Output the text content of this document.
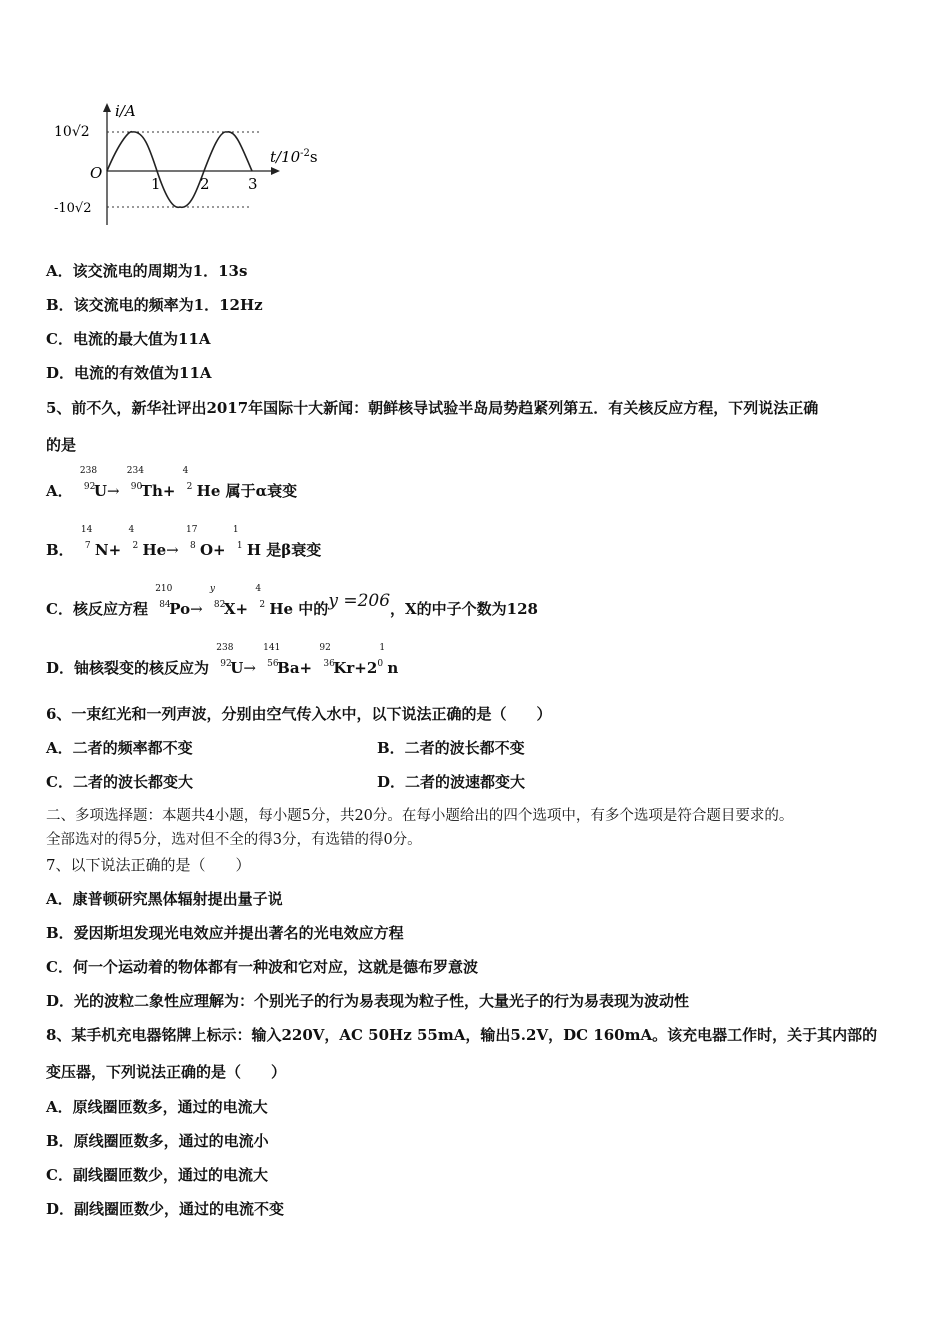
i/A
10√2
-10√2
O
1	2	3
$t/10^{-2}s$
A．该交流电的周期为1．13s
B．该交流电的频率为1．12Hz
C．电流的最大值为11A
D．电流的有效值为11A
5、前不久，新华社评出2017年国际十大新闻：朝鲜核导试验半岛局势趋紧列第五．有关核反应方程，下列说法正确
的是
A．
238
92
U→
234
90
Th+
4
2 He 属于α衰变
B．
14
7 N+
4
2 He→
17
8 O+
1
1 H 是β衰变
C．核反应方程
210
84
Po→
y
82
X+
4
2 He 中的y =206，X的中子个数为128
D．铀核裂变的核反应为
238
92
U→
141
56
Ba+
92
36
Kr+2
1
0 n
6、一束红光和一列声波，分别由空气传入水中，以下说法正确的是（　　）
A．二者的频率都不变	B．二者的波长都不变
C．二者的波长都变大	D．二者的波速都变大
二、多项选择题：本题共4小题，每小题5分，共20分。在每小题给出的四个选项中，有多个选项是符合题目要求的。
全部选对的得5分，选对但不全的得3分，有选错的得0分。
7、以下说法正确的是（　　）
A．康普顿研究黑体辐射提出量子说
B．爱因斯坦发现光电效应并提出著名的光电效应方程
C．何一个运动着的物体都有一种波和它对应，这就是德布罗意波
D．光的波粒二象性应理解为：个别光子的行为易表现为粒子性，大量光子的行为易表现为波动性
8、某手机充电器铭牌上标示：输入220V，AC 50Hz 55mA，输出5.2V，DC 160mA。该充电器工作时，关于其内部的
变压器，下列说法正确的是（　　）
A．原线圈匝数多，通过的电流大
B．原线圈匝数多，通过的电流小
C．副线圈匝数少，通过的电流大
D．副线圈匝数少，通过的电流不变
